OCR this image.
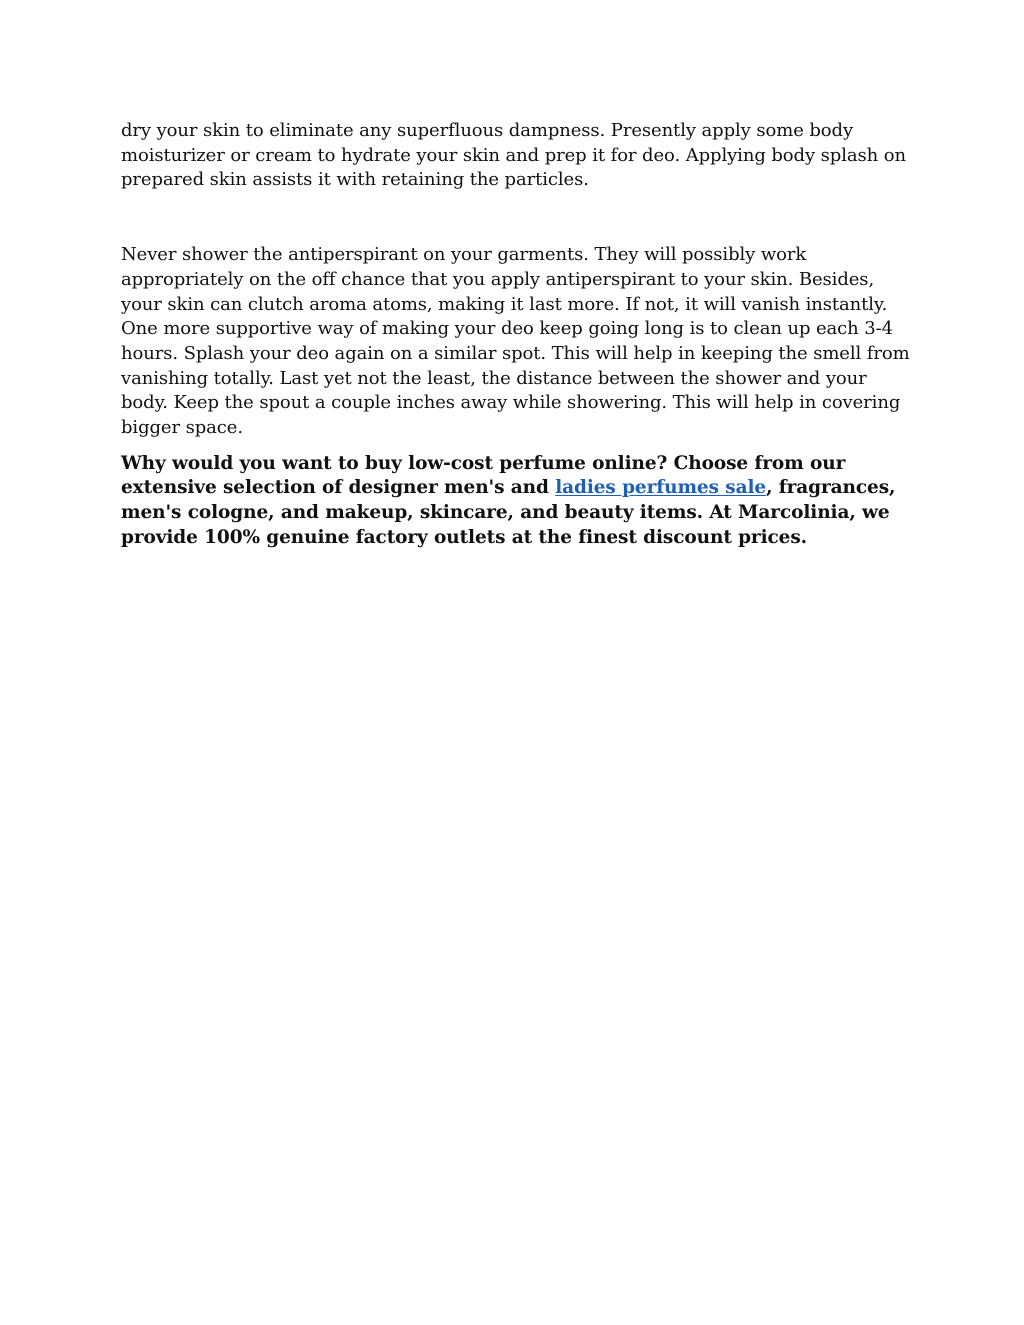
dry your skin to eliminate any superfluous dampness. Presently apply some body moisturizer or cream to hydrate your skin and prep it for deo. Applying body splash on prepared skin assists it with retaining the particles.

Never shower the antiperspirant on your garments. They will possibly work appropriately on the off chance that you apply antiperspirant to your skin. Besides, your skin can clutch aroma atoms, making it last more. If not, it will vanish instantly. One more supportive way of making your deo keep going long is to clean up each 3-4 hours. Splash your deo again on a similar spot. This will help in keeping the smell from vanishing totally. Last yet not the least, the distance between the shower and your body. Keep the spout a couple inches away while showering. This will help in covering bigger space.

Why would you want to buy low-cost perfume online? Choose from our extensive selection of designer men's and ladies perfumes sale, fragrances, men's cologne, and makeup, skincare, and beauty items. At Marcolinia, we provide 100% genuine factory outlets at the finest discount prices.
